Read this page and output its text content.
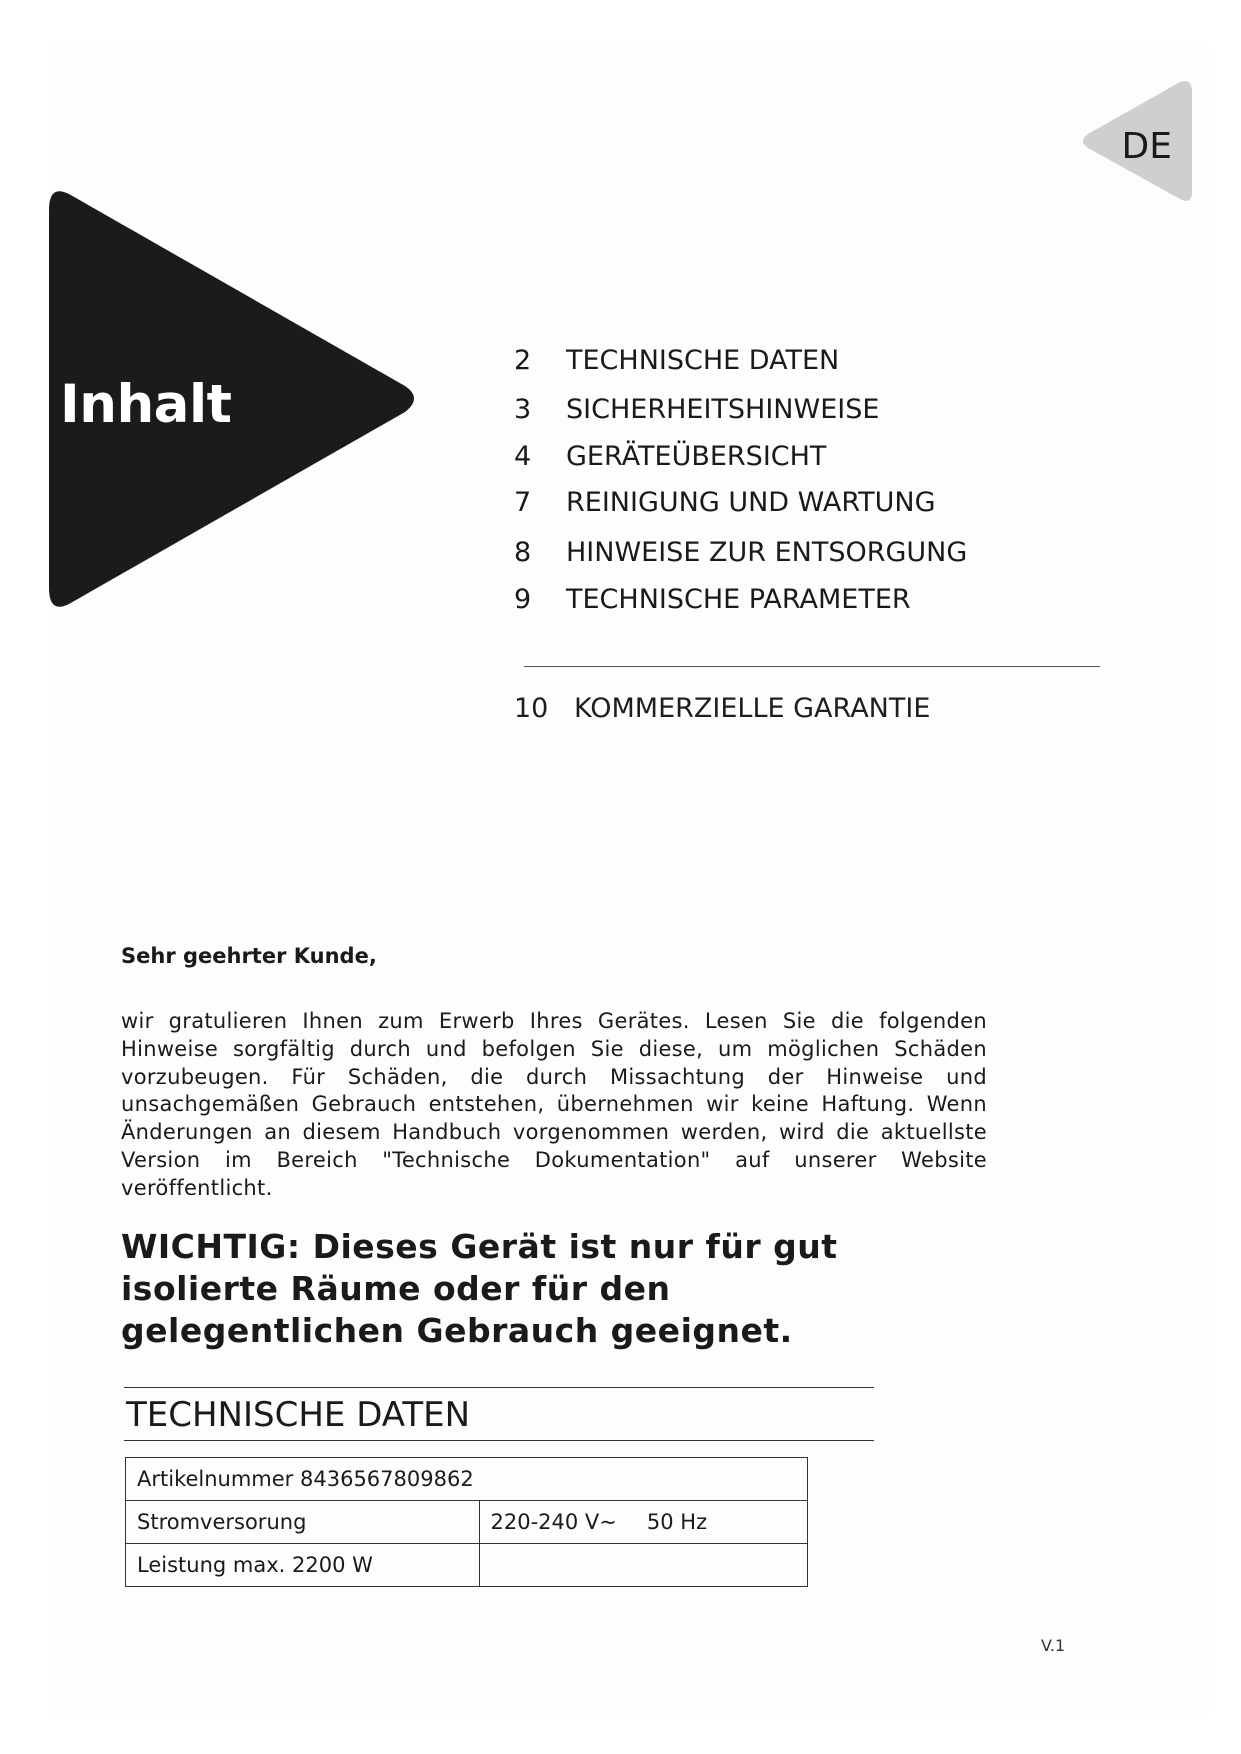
DE
Inhalt
2	TECHNISCHE DATEN
3	SICHERHEITSHINWEISE
4	GERÄTEÜBERSICHT
7	REINIGUNG UND WARTUNG
8	HINWEISE ZUR ENTSORGUNG
9	TECHNISCHE PARAMETER
10 KOMMERZIELLE GARANTIE
Sehr geehrter Kunde,
wir gratulieren Ihnen zum Erwerb Ihres Gerätes. Lesen Sie die folgenden Hinweise sorgfältig durch und befolgen Sie diese, um möglichen Schäden vorzubeugen. Für Schäden, die durch Missachtung der Hinweise und unsachgemäßen Gebrauch entstehen, übernehmen wir keine Haftung. Wenn Änderungen an diesem Handbuch vorgenommen werden, wird die aktuellste Version im Bereich "Technische Dokumentation" auf unserer Website veröffentlicht.
WICHTIG: Dieses Gerät ist nur für gut isolierte Räume oder für den gelegentlichen Gebrauch geeignet.
TECHNISCHE DATEN
Artikelnummer 8436567809862	
Stromversorung	220-240 V~ 50 Hz
Leistung max. 2200 W	
V.1
